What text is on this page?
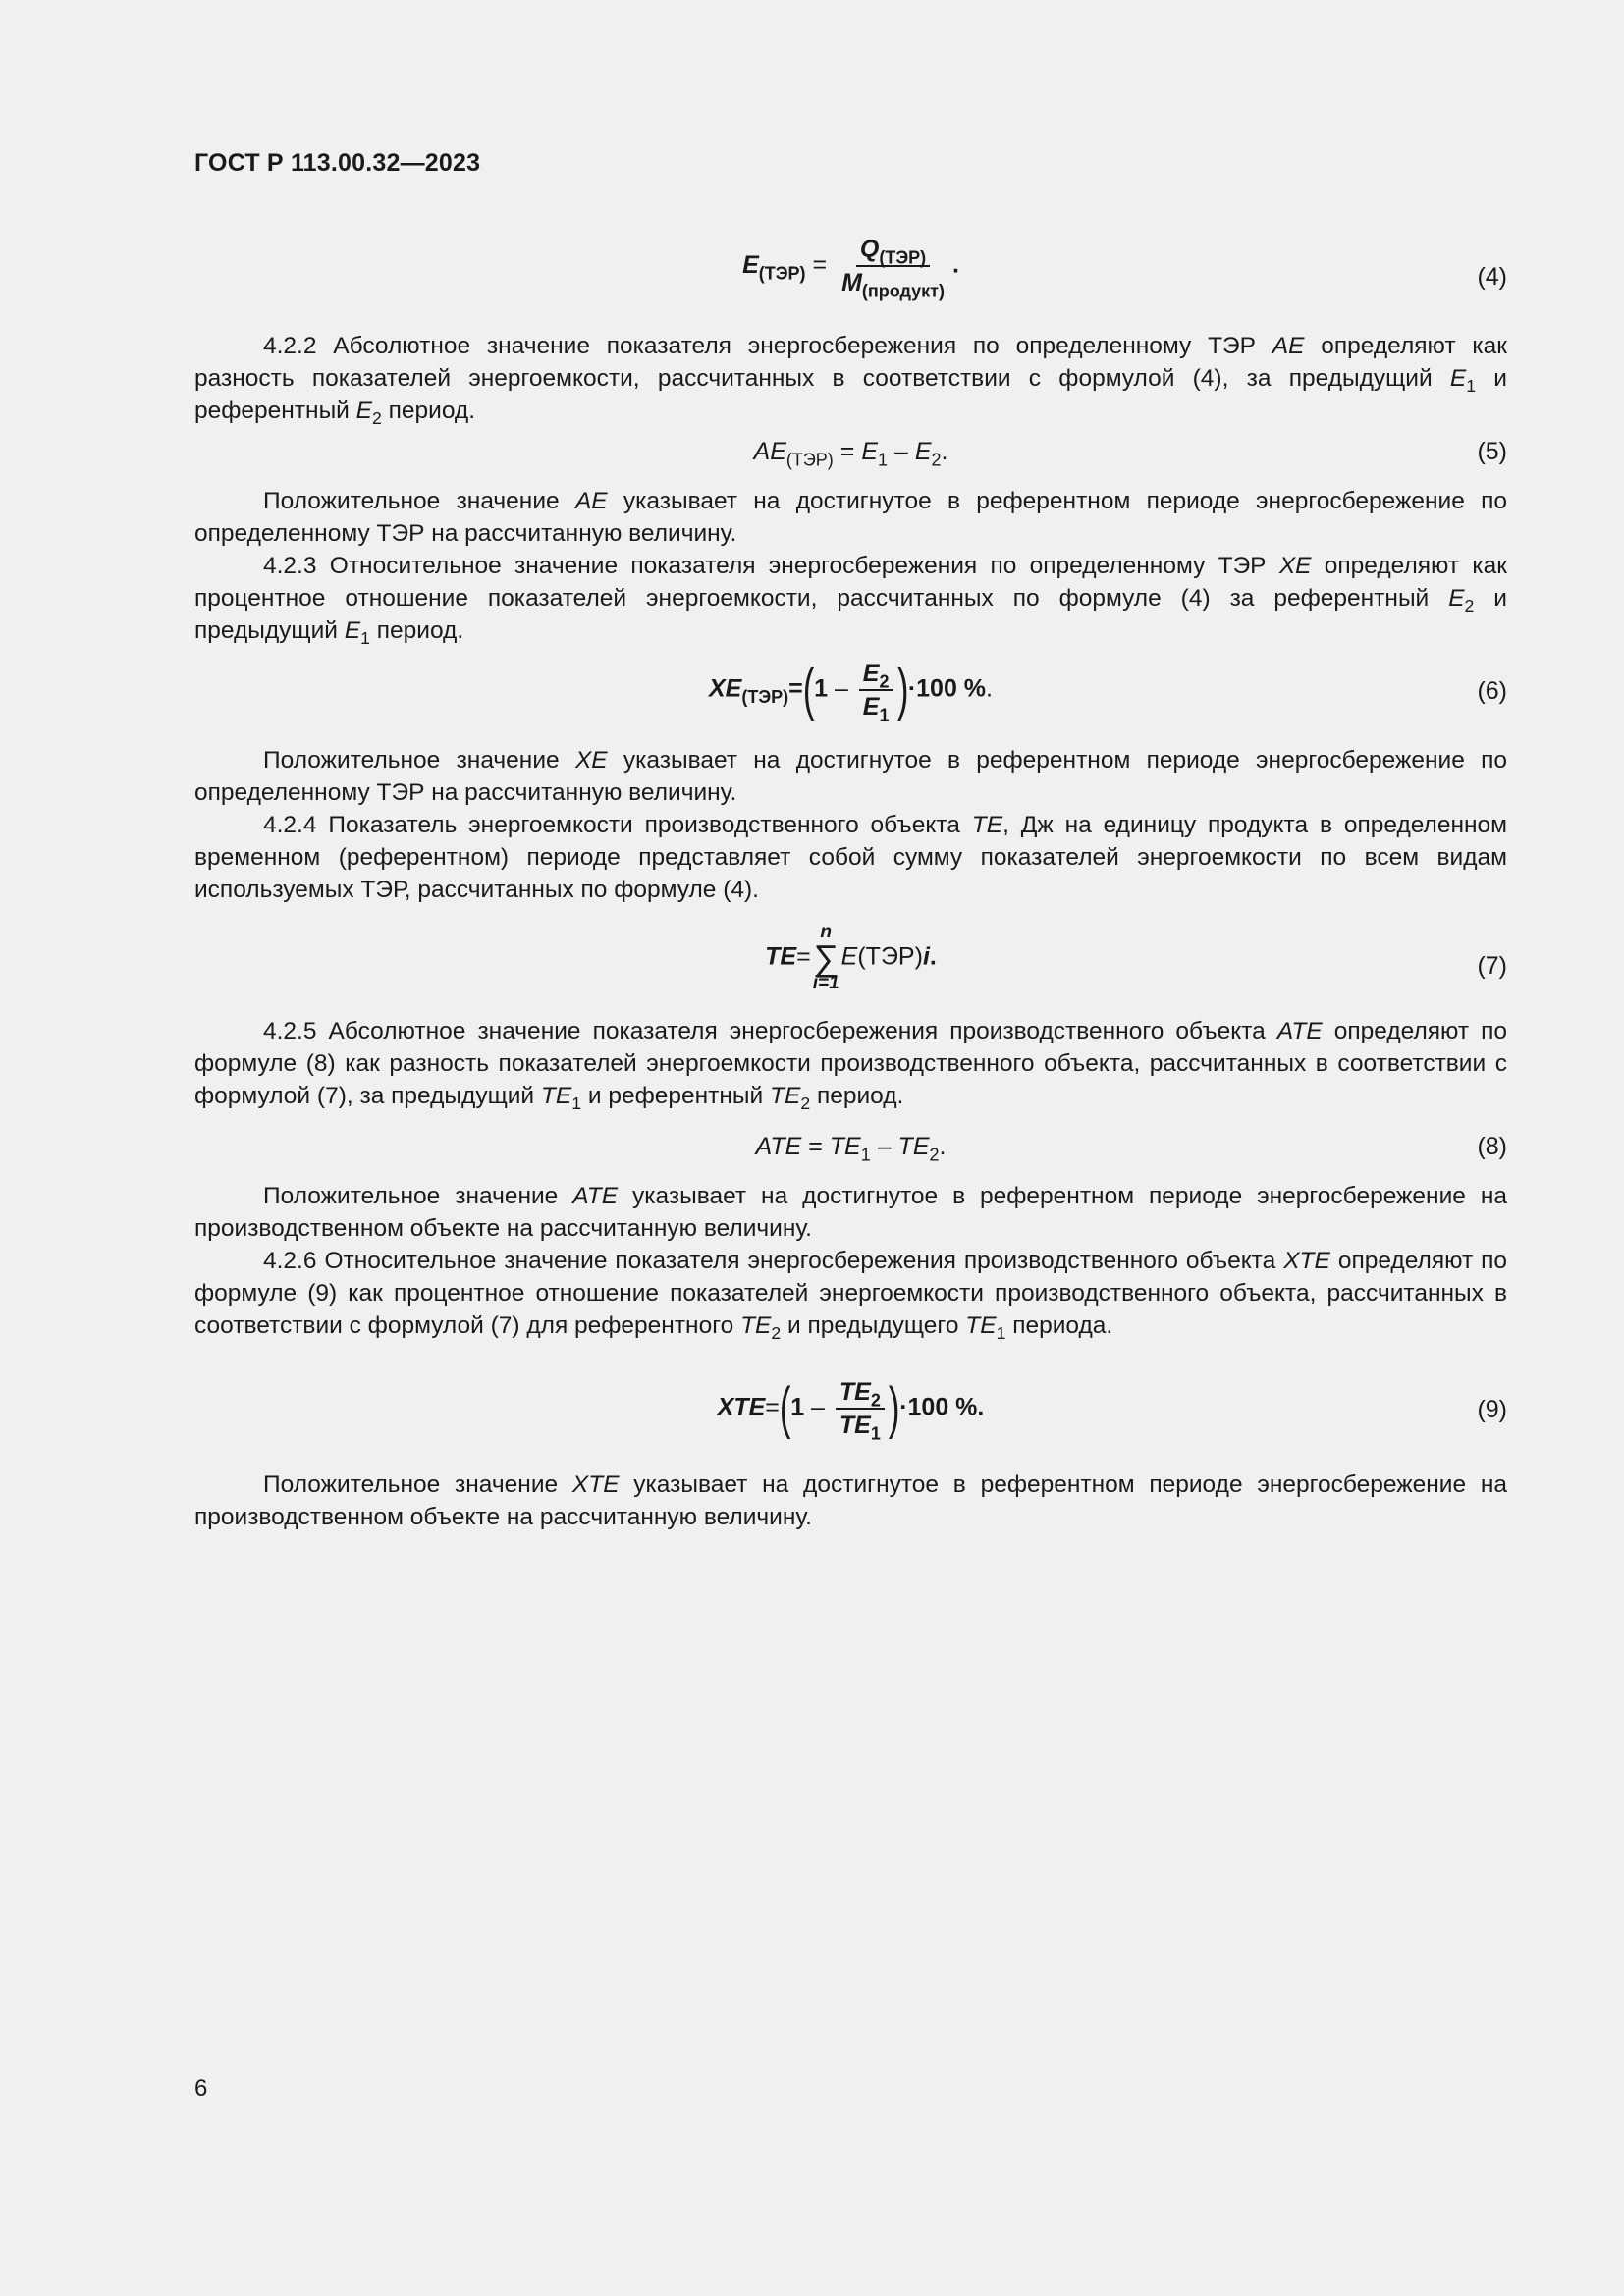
ГОСТ Р 113.00.32—2023
$E_{(ТЭР)} = \frac{Q_{(ТЭР)}}{M_{(продукт)}}$ .	(4)

4.2.2 Абсолютное значение показателя энергосбережения по определенному ТЭР AE определяют как разность показателей энергоемкости, рассчитанных в соответствии с формулой (4), за предыдущий $E_1$ и референтный $E_2$ период.

$AE_{(ТЭР)} = E_1 - E_2$.	(5)

Положительное значение AE указывает на достигнутое в референтном периоде энергосбережение по определенному ТЭР на рассчитанную величину.

4.2.3 Относительное значение показателя энергосбережения по определенному ТЭР XE определяют как процентное отношение показателей энергоемкости, рассчитанных по формуле (4) за референтный $E_2$ и предыдущий $E_1$ период.

$XE_{(ТЭР)}=(1 - \frac{E_2}{E_1} )\cdot 100$ %.	(6)

Положительное значение XE указывает на достигнутое в референтном периоде энергосбережение по определенному ТЭР на рассчитанную величину.

4.2.4 Показатель энергоемкости производственного объекта TE, Дж на единицу продукта в определенном временном (референтном) периоде представляет собой сумму показателей энергоемкости по всем видам используемых ТЭР, рассчитанных по формуле (4).

TE=
n
∑
i=1
E(ТЭР)i.	(7)

4.2.5 Абсолютное значение показателя энергосбережения производственного объекта ATE определяют по формуле (8) как разность показателей энергоемкости производственного объекта, рассчитанных в соответствии с формулой (7), за предыдущий $TE_1$ и референтный $TE_2$ период.

ATE = $TE_1 - TE_2$.	(8)

Положительное значение ATE указывает на достигнутое в референтном периоде энергосбережение на производственном объекте на рассчитанную величину.

4.2.6 Относительное значение показателя энергосбережения производственного объекта XTE определяют по формуле (9) как процентное отношение показателей энергоемкости производственного объекта, рассчитанных в соответствии с формулой (7) для референтного $TE_2$ и предыдущего $TE_1$ периода.

$XTE=(1 - \frac{TE_2}{TE_1} )\cdot 100$ %.	(9)

Положительное значение XTE указывает на достигнутое в референтном периоде энергосбережение на производственном объекте на рассчитанную величину.

6
